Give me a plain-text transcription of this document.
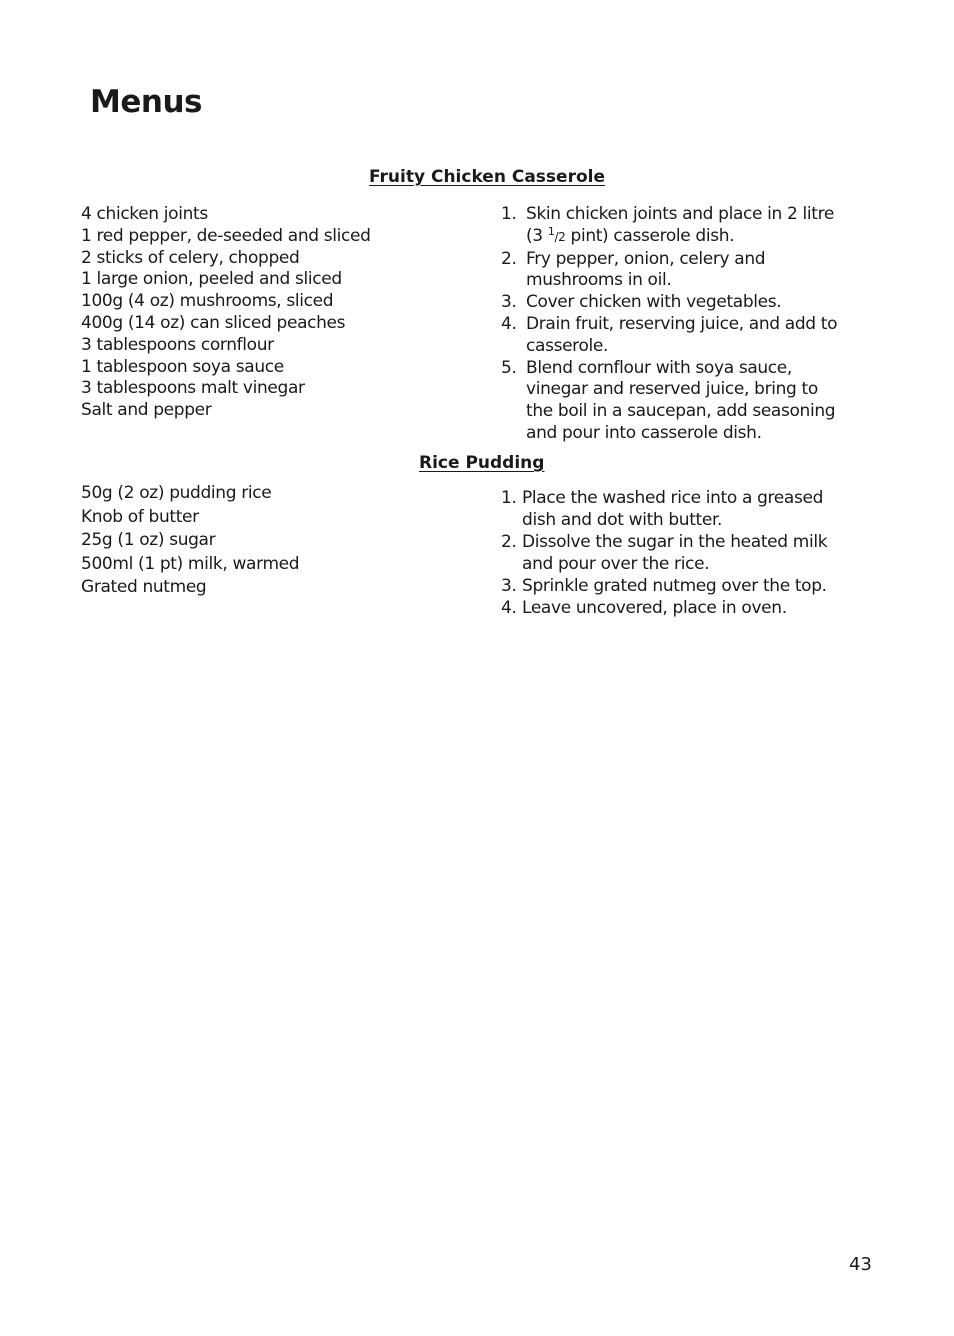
Menus
Fruity Chicken Casserole
4 chicken joints
1 red pepper, de-seeded and sliced
2 sticks of celery, chopped
1 large onion, peeled and sliced
100g (4 oz) mushrooms, sliced
400g (14 oz) can sliced peaches
3 tablespoons cornflour
1 tablespoon soya sauce
3 tablespoons malt vinegar
Salt and pepper
1. Skin chicken joints and place in 2 litre (3 $^1$/2 pint) casserole dish.
2. Fry pepper, onion, celery and mushrooms in oil.
3. Cover chicken with vegetables.
4. Drain fruit, reserving juice, and add to casserole.
5. Blend cornflour with soya sauce, vinegar and reserved juice, bring to the boil in a saucepan, add seasoning and pour into casserole dish.
Rice Pudding
50g (2 oz) pudding rice
Knob of butter
25g (1 oz) sugar
500ml (1 pt) milk, warmed
Grated nutmeg
1. Place the washed rice into a greased dish and dot with butter.
2. Dissolve the sugar in the heated milk and pour over the rice.
3. Sprinkle grated nutmeg over the top.
4. Leave uncovered, place in oven.
43
